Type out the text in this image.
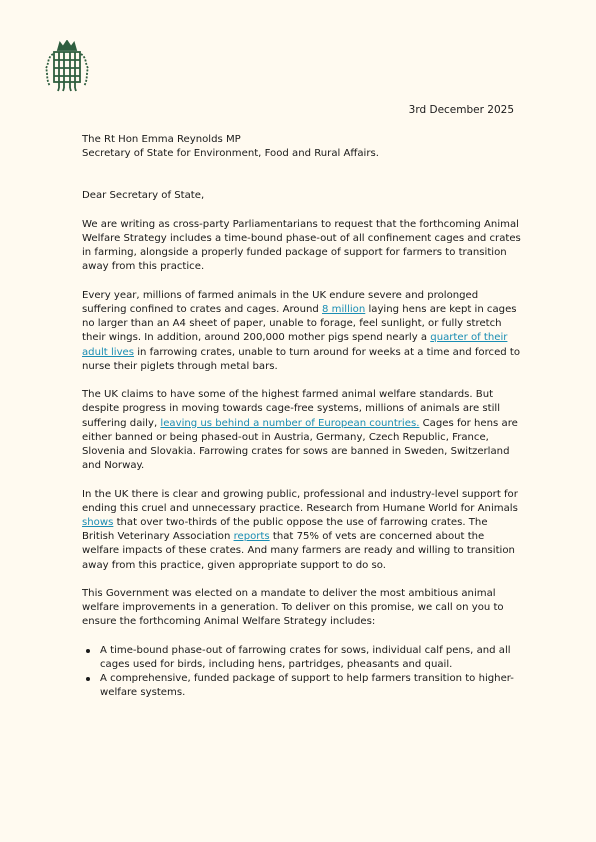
3rd December 2025
The Rt Hon Emma Reynolds MP
Secretary of State for Environment, Food and Rural Affairs.

Dear Secretary of State,

We are writing as cross-party Parliamentarians to request that the forthcoming Animal Welfare Strategy includes a time-bound phase-out of all confinement cages and crates in farming, alongside a properly funded package of support for farmers to transition away from this practice.

Every year, millions of farmed animals in the UK endure severe and prolonged suffering confined to crates and cages. Around 8 million laying hens are kept in cages no larger than an A4 sheet of paper, unable to forage, feel sunlight, or fully stretch their wings. In addition, around 200,000 mother pigs spend nearly a quarter of their adult lives in farrowing crates, unable to turn around for weeks at a time and forced to nurse their piglets through metal bars.

The UK claims to have some of the highest farmed animal welfare standards. But despite progress in moving towards cage-free systems, millions of animals are still suffering daily, leaving us behind a number of European countries. Cages for hens are either banned or being phased-out in Austria, Germany, Czech Republic, France, Slovenia and Slovakia. Farrowing crates for sows are banned in Sweden, Switzerland and Norway.

In the UK there is clear and growing public, professional and industry-level support for ending this cruel and unnecessary practice. Research from Humane World for Animals shows that over two-thirds of the public oppose the use of farrowing crates. The British Veterinary Association reports that 75% of vets are concerned about the welfare impacts of these crates. And many farmers are ready and willing to transition away from this practice, given appropriate support to do so.

This Government was elected on a mandate to deliver the most ambitious animal welfare improvements in a generation. To deliver on this promise, we call on you to ensure the forthcoming Animal Welfare Strategy includes:

A time-bound phase-out of farrowing crates for sows, individual calf pens, and all cages used for birds, including hens, partridges, pheasants and quail.
A comprehensive, funded package of support to help farmers transition to higher-welfare systems.
